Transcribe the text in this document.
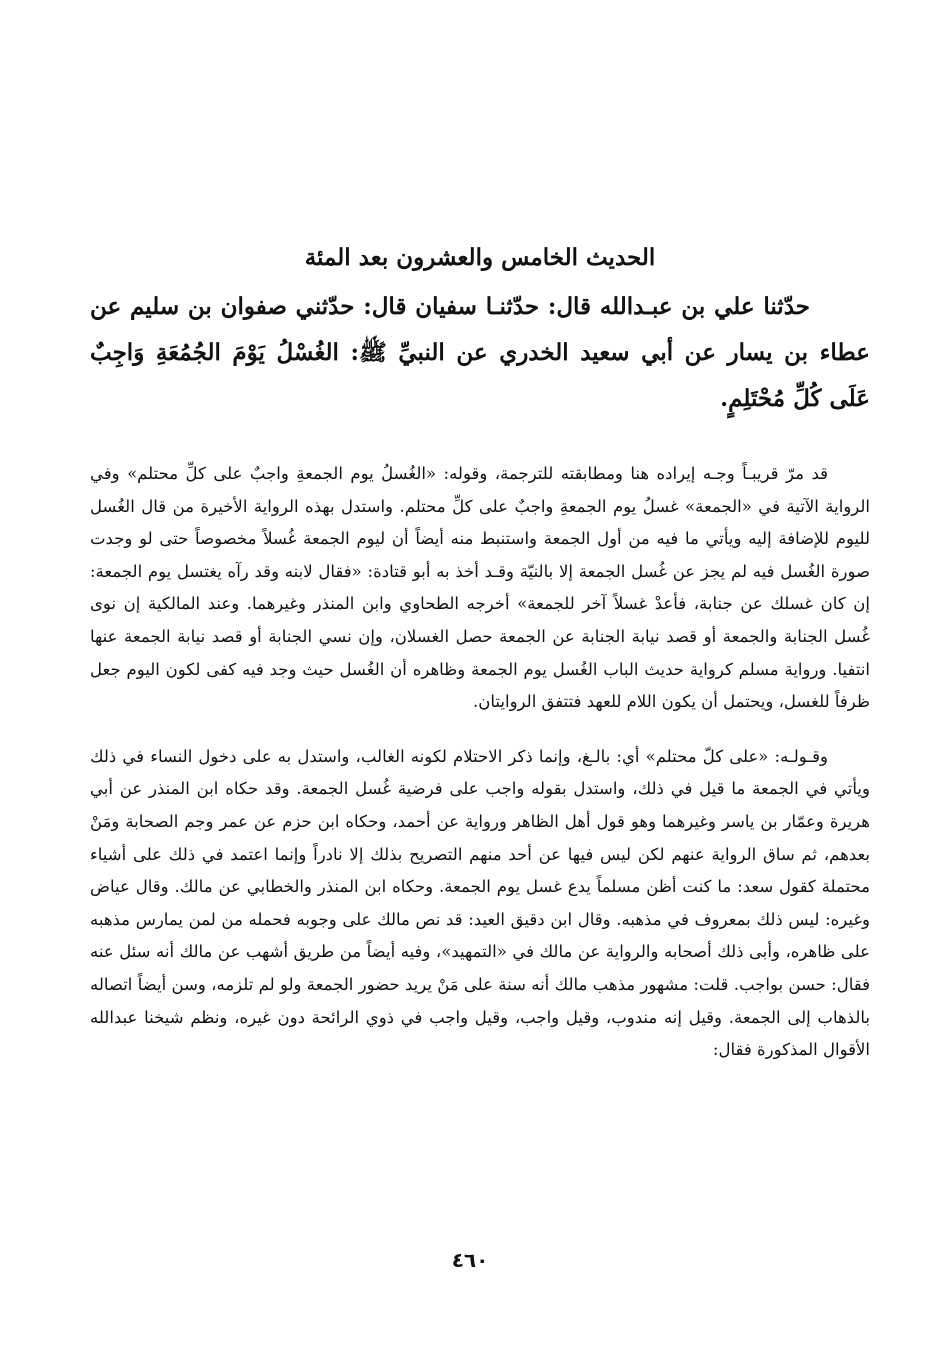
الحديث الخامس والعشرون بعد المئة

حدّثنا علي بن عبـدالله قال: حدّثنـا سفيان قال: حدّثني صفوان بن سليم عن عطاء بن يسار عن أبي سعيد الخدري عن النبيِّ ﷺ: الغُسْلُ يَوْمَ الجُمُعَةِ وَاجِبٌ عَلَى كُلِّ مُحْتَلِمٍ.

قد مرّ قريبـاً وجـه إيراده هنا ومطابقته للترجمة، وقوله: «الغُسلُ يوم الجمعةِ واجبٌ على كلِّ محتلم» وفي الرواية الآتية في «الجمعة» غسلُ يوم الجمعةِ واجبٌ على كلِّ محتلم. واستدل بهذه الرواية الأخيرة من قال الغُسل لليوم للإضافة إليه ويأتي ما فيه من أول الجمعة واستنبط منه أيضاً أن ليوم الجمعة غُسلاً مخصوصاً حتى لو وجدت صورة الغُسل فيه لم يجز عن غُسل الجمعة إلا بالنيّة وقـد أخذ به أبو قتادة: «فقال لابنه وقد رآه يغتسل يوم الجمعة: إن كان غسلك عن جنابة، فأعدْ غسلاً آخر للجمعة» أخرجه الطحاوي وابن المنذر وغيرهما. وعند المالكية إن نوى غُسل الجنابة والجمعة أو قصد نيابة الجنابة عن الجمعة حصل الغسلان، وإن نسي الجنابة أو قصد نيابة الجمعة عنها انتفيا. ورواية مسلم كرواية حديث الباب الغُسل يوم الجمعة وظاهره أن الغُسل حيث وجد فيه كفى لكون اليوم جعل ظرفاً للغسل، ويحتمل أن يكون اللام للعهد فتتفق الروايتان.

وقـولـه: «على كلّ محتلم» أي: بالـغ، وإنما ذكر الاحتلام لكونه الغالب، واستدل به على دخول النساء في ذلك ويأتي في الجمعة ما قيل في ذلك، واستدل بقوله واجب على فرضية غُسل الجمعة. وقد حكاه ابن المنذر عن أبي هريرة وعمّار بن ياسر وغيرهما وهو قول أهل الظاهر ورواية عن أحمد، وحكاه ابن حزم عن عمر وجم الصحابة ومَنْ بعدهم، ثم ساق الرواية عنهم لكن ليس فيها عن أحد منهم التصريح بذلك إلا نادراً وإنما اعتمد في ذلك على أشياء محتملة كقول سعد: ما كنت أظن مسلماً يدع غسل يوم الجمعة. وحكاه ابن المنذر والخطابي عن مالك. وقال عياض وغيره: ليس ذلك بمعروف في مذهبه. وقال ابن دقيق العيد: قد نص مالك على وجوبه فحمله من لمن يمارس مذهبه على ظاهره، وأبى ذلك أصحابه والرواية عن مالك في «التمهيد»، وفيه أيضاً من طريق أشهب عن مالك أنه سئل عنه فقال: حسن بواجب. قلت: مشهور مذهب مالك أنه سنة على مَنْ يريد حضور الجمعة ولو لم تلزمه، وسن أيضاً اتصاله بالذهاب إلى الجمعة. وقيل إنه مندوب، وقيل واجب، وقيل واجب في ذوي الرائحة دون غيره، ونظم شيخنا عبدالله الأقوال المذكورة فقال:

٤٦٠
